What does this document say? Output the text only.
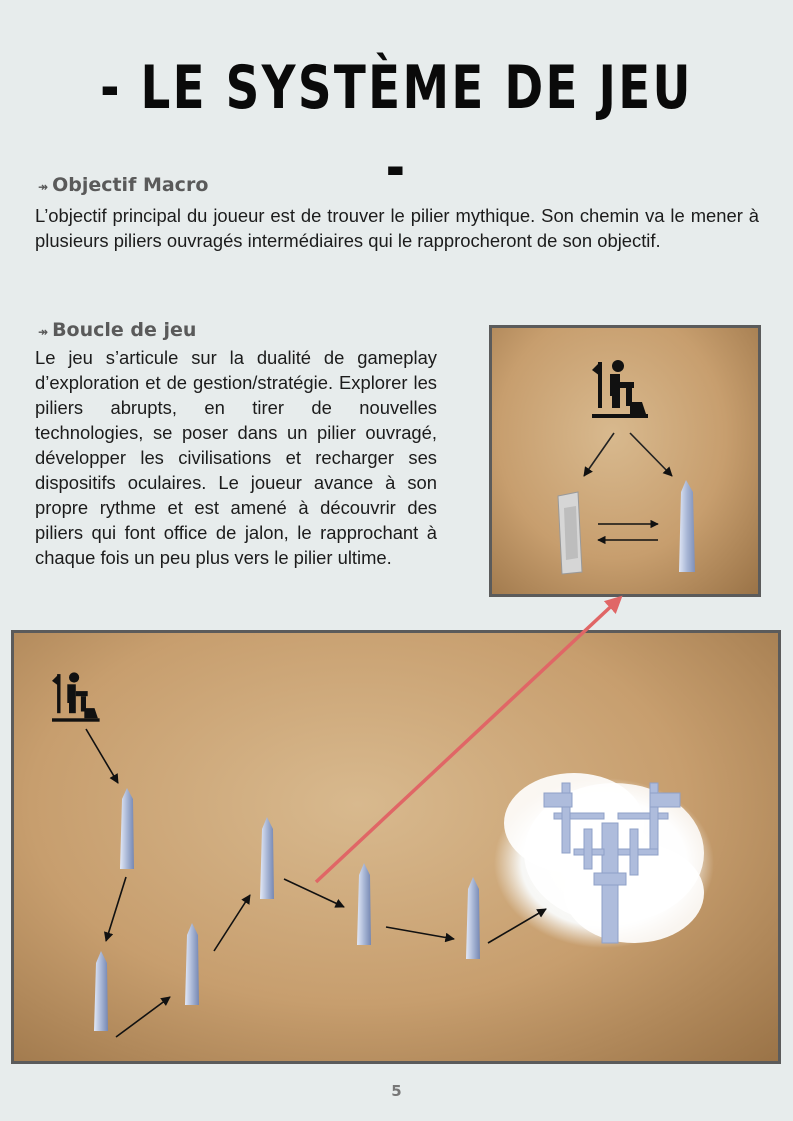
- LE SYSTÈME DE JEU -
↠ Objectif Macro

L’objectif principal du joueur est de trouver le pilier mythique. Son chemin va le mener à plusieurs piliers ouvragés intermédiaires qui le rapprocheront de son objectif.

↠ Boucle de jeu

Le jeu s’articule sur la dualité de gameplay d’exploration et de gestion/stratégie. Explorer les piliers abrupts, en tirer de nouvelles technologies, se poser dans un pilier ouvragé, développer les civilisations et recharger ses dispositifs oculaires. Le joueur avance à son propre rythme et est amené à découvrir des piliers qui font office de jalon, le rapprochant à chaque fois un peu plus vers le pilier ultime.

5
